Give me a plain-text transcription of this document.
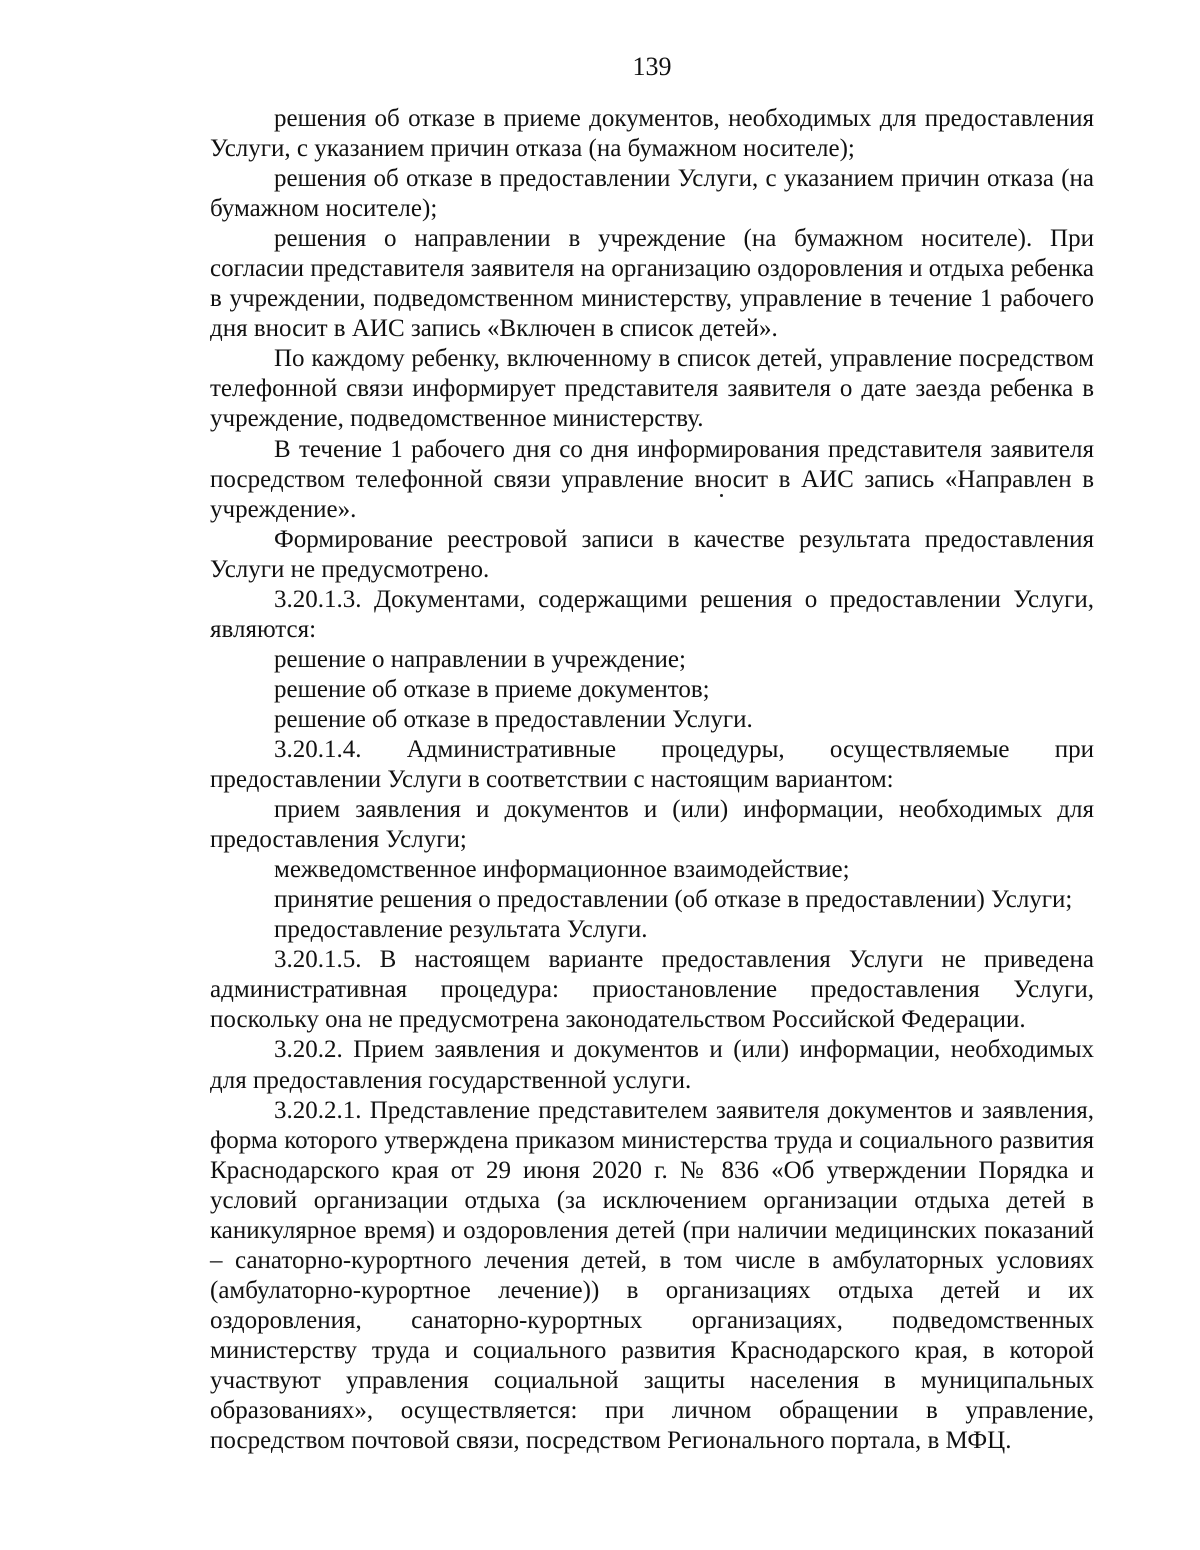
139

решения об отказе в приеме документов, необходимых для предоставления Услуги, с указанием причин отказа (на бумажном носителе);

решения об отказе в предоставлении Услуги, с указанием причин отказа (на бумажном носителе);

решения о направлении в учреждение (на бумажном носителе). При согласии представителя заявителя на организацию оздоровления и отдыха ребенка в учреждении, подведомственном министерству, управление в течение 1 рабочего дня вносит в АИС запись «Включен в список детей».

По каждому ребенку, включенному в список детей, управление посредством телефонной связи информирует представителя заявителя о дате заезда ребенка в учреждение, подведомственное министерству.

В течение 1 рабочего дня со дня информирования представителя заявителя посредством телефонной связи управление вносит в АИС запись «Направлен в учреждение».

Формирование реестровой записи в качестве результата предоставления Услуги не предусмотрено.

3.20.1.3. Документами, содержащими решения о предоставлении Услуги, являются:

решение о направлении в учреждение;

решение об отказе в приеме документов;

решение об отказе в предоставлении Услуги.

3.20.1.4. Административные процедуры, осуществляемые при предоставлении Услуги в соответствии с настоящим вариантом:

прием заявления и документов и (или) информации, необходимых для предоставления Услуги;

межведомственное информационное взаимодействие;

принятие решения о предоставлении (об отказе в предоставлении) Услуги;

предоставление результата Услуги.

3.20.1.5. В настоящем варианте предоставления Услуги не приведена административная процедура: приостановление предоставления Услуги, поскольку она не предусмотрена законодательством Российской Федерации.

3.20.2. Прием заявления и документов и (или) информации, необходимых для предоставления государственной услуги.

3.20.2.1. Представление представителем заявителя документов и заявления, форма которого утверждена приказом министерства труда и социального развития Краснодарского края от 29 июня 2020 г. № 836 «Об утверждении Порядка и условий организации отдыха (за исключением организации отдыха детей в каникулярное время) и оздоровления детей (при наличии медицинских показаний – санаторно-курортного лечения детей, в том числе в амбулаторных условиях (амбулаторно-курортное лечение)) в организациях отдыха детей и их оздоровления, санаторно-курортных организациях, подведомственных министерству труда и социального развития Краснодарского края, в которой участвуют управления социальной защиты населения в муниципальных образованиях», осуществляется: при личном обращении в управление, посредством почтовой связи, посредством Регионального портала, в МФЦ.
